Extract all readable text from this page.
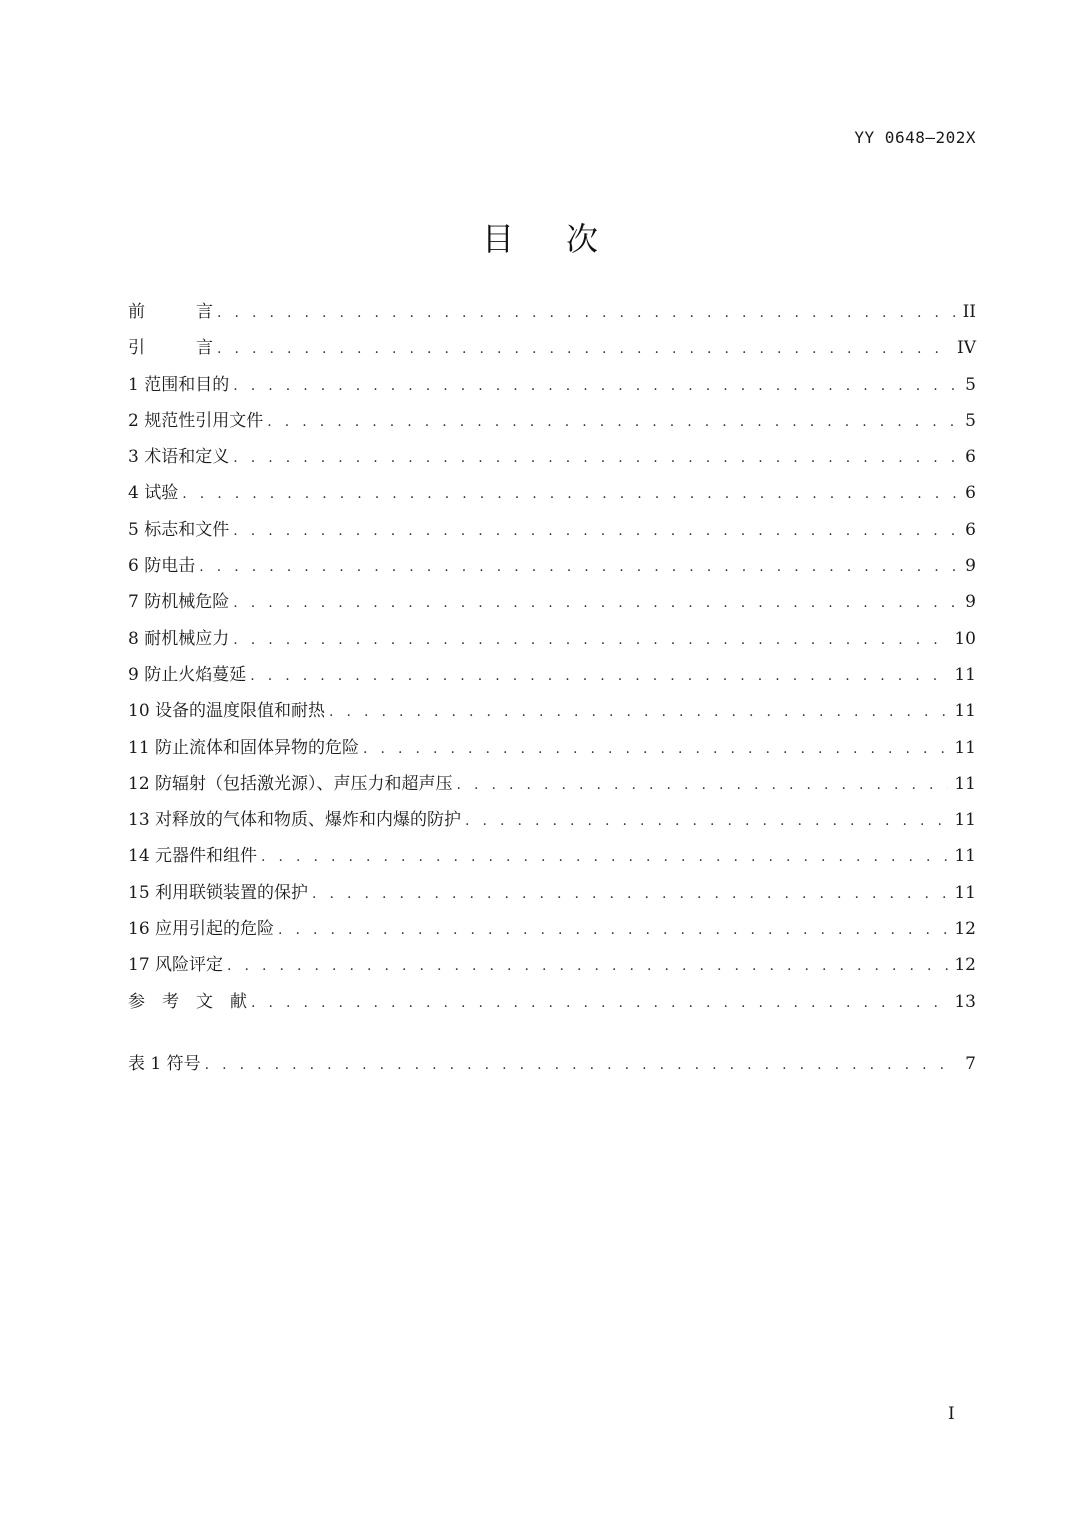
YY 0648—202X
目次
前　　　言 . . .	II
引　　　言 . . .	IV
1 范围和目的 . . .	5
2 规范性引用文件 . . .	5
3 术语和定义 . . .	6
4 试验 . . .	6
5 标志和文件 . . .	6
6 防电击 . . .	9
7 防机械危险 . . .	9
8 耐机械应力 . . .	10
9 防止火焰蔓延 . . .	11
10 设备的温度限值和耐热 . . .	11
11 防止流体和固体异物的危险 . . .	11
12 防辐射（包括激光源）、声压力和超声压 . . .	11
13 对释放的气体和物质、爆炸和内爆的防护 . . .	11
14 元器件和组件 . . .	11
15 利用联锁装置的保护 . . .	11
16 应用引起的危险 . . .	12
17 风险评定 . . .	12
参　考　文　献 . . .	13
表 1 符号 . . .	7
I
